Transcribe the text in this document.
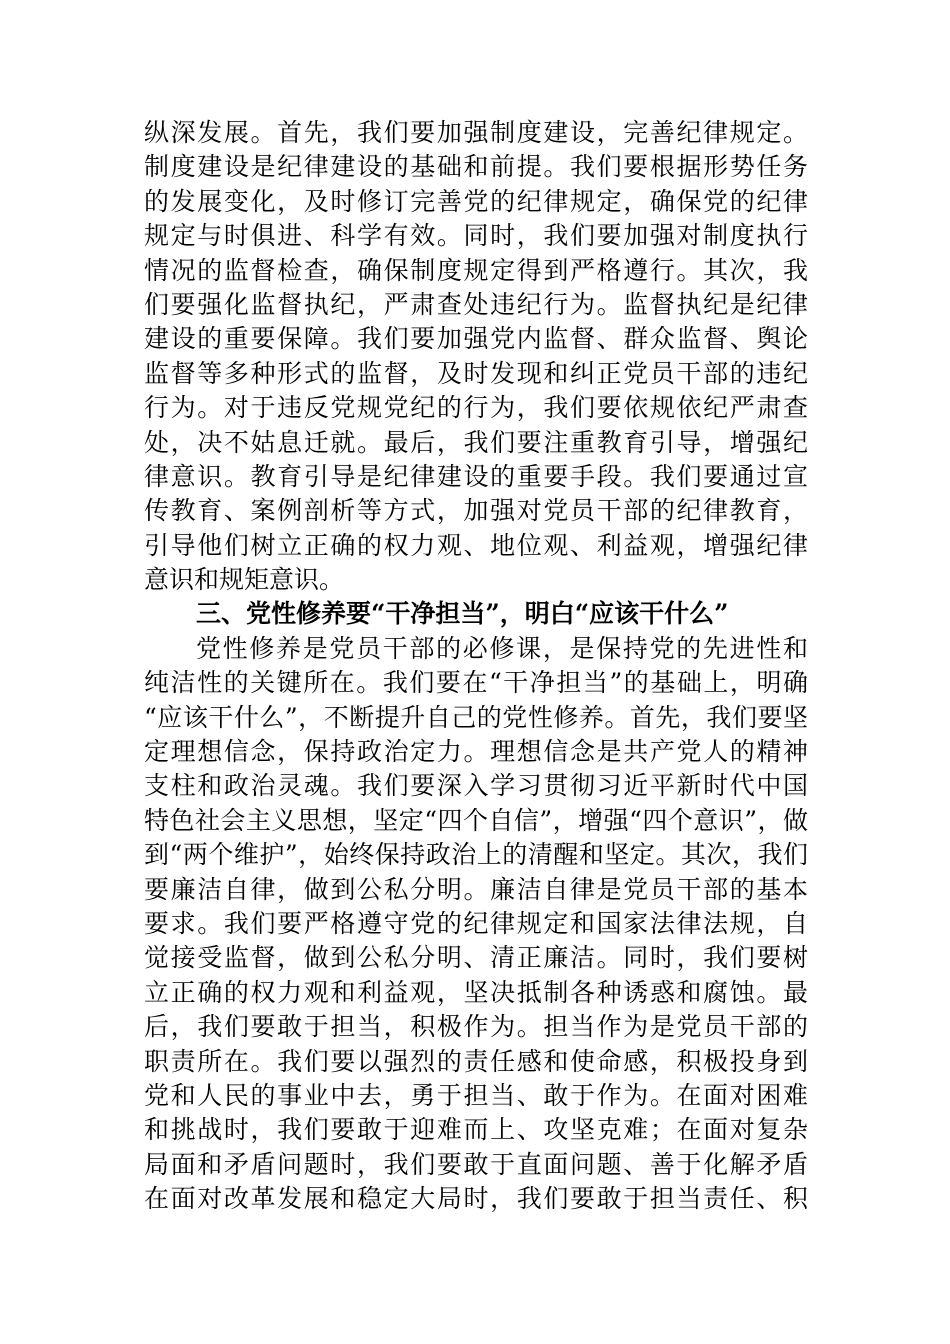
纵深发展。首先，我们要加强制度建设，完善纪律规定。
制度建设是纪律建设的基础和前提。我们要根据形势任务
的发展变化，及时修订完善党的纪律规定，确保党的纪律
规定与时俱进、科学有效。同时，我们要加强对制度执行
情况的监督检查，确保制度规定得到严格遵行。其次，我
们要强化监督执纪，严肃查处违纪行为。监督执纪是纪律
建设的重要保障。我们要加强党内监督、群众监督、舆论
监督等多种形式的监督，及时发现和纠正党员干部的违纪
行为。对于违反党规党纪的行为，我们要依规依纪严肃查
处，决不姑息迁就。最后，我们要注重教育引导，增强纪
律意识。教育引导是纪律建设的重要手段。我们要通过宣
传教育、案例剖析等方式，加强对党员干部的纪律教育，
引导他们树立正确的权力观、地位观、利益观，增强纪律
意识和规矩意识。
三、党性修养要“干净担当”，明白“应该干什么”
党性修养是党员干部的必修课，是保持党的先进性和
纯洁性的关键所在。我们要在“干净担当”的基础上，明确
“应该干什么”，不断提升自己的党性修养。首先，我们要坚
定理想信念，保持政治定力。理想信念是共产党人的精神
支柱和政治灵魂。我们要深入学习贯彻习近平新时代中国
特色社会主义思想，坚定“四个自信”，增强“四个意识”，做
到“两个维护”，始终保持政治上的清醒和坚定。其次，我们
要廉洁自律，做到公私分明。廉洁自律是党员干部的基本
要求。我们要严格遵守党的纪律规定和国家法律法规，自
觉接受监督，做到公私分明、清正廉洁。同时，我们要树
立正确的权力观和利益观，坚决抵制各种诱惑和腐蚀。最
后，我们要敢于担当，积极作为。担当作为是党员干部的
职责所在。我们要以强烈的责任感和使命感，积极投身到
党和人民的事业中去，勇于担当、敢于作为。在面对困难
和挑战时，我们要敢于迎难而上、攻坚克难；在面对复杂
局面和矛盾问题时，我们要敢于直面问题、善于化解矛盾
在面对改革发展和稳定大局时，我们要敢于担当责任、积
